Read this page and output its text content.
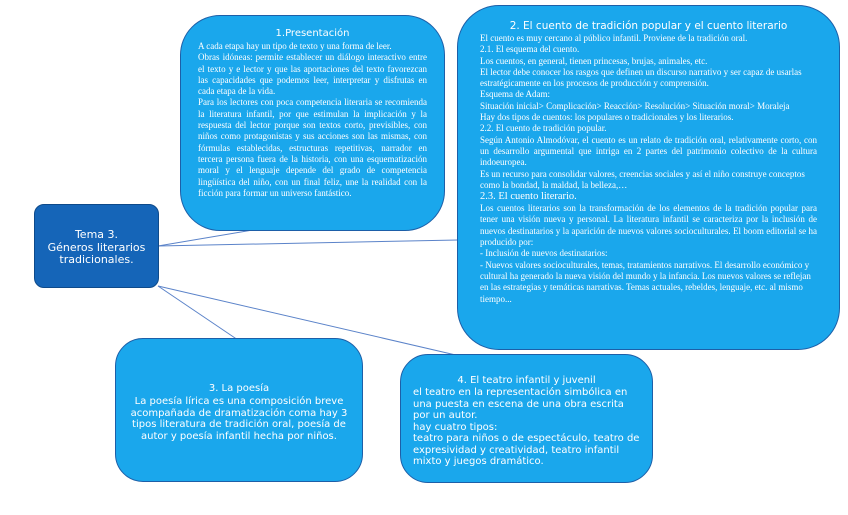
Tema 3.
Géneros literarios
tradicionales.
1.Presentación

A cada etapa hay un tipo de texto y una forma de leer.

Obras idóneas: permite establecer un diálogo interactivo entre el texto y e lector y que las aportaciones del texto favorezcan las capacidades que podemos leer, interpretar y disfrutas en cada etapa de la vida.

Para los lectores con poca competencia literaria se recomienda la literatura infantil, por que estimulan la implicación y la respuesta del lector porque son textos corto, previsibles, con niños como protagonistas y sus acciones son las mismas, con fórmulas establecidas, estructuras repetitivas, narrador en tercera persona fuera de la historia, con una esquematización moral y el lenguaje depende del grado de competencia lingüística del niño, con un final feliz, une la realidad con la ficción para formar un universo fantástico.

2. El cuento de tradición popular y el cuento literario

El cuento es muy cercano al público infantil. Proviene de la tradición oral.

2.1. El esquema del cuento.

Los cuentos, en general, tienen princesas, brujas, animales, etc.

El lector debe conocer los rasgos que definen un discurso narrativo y ser capaz de usarlas estratégicamente en los procesos de producción y comprensión.

Esquema de Adam:

Situación inicial> Complicación> Reacción> Resolución> Situación moral> Moraleja

Hay dos tipos de cuentos: los populares o tradicionales y los literarios.

2.2. El cuento de tradición popular.

Según Antonio Almodóvar, el cuento es un relato de tradición oral, relativamente corto, con un desarrollo argumental que intriga en 2 partes del patrimonio colectivo de la cultura indoeuropea.

Es un recurso para consolidar valores, creencias sociales y así el niño construye conceptos como la bondad, la maldad, la belleza,…

2.3. El cuento literario.

Los cuentos literarios son la transformación de los elementos de la tradición popular para tener una visión nueva y personal. La literatura infantil se caracteriza por la inclusión de nuevos destinatarios y la aparición de nuevos valores socioculturales. El boom editorial se ha producido por:

- Inclusión de nuevos destinatarios:

- Nuevos valores socioculturales, temas, tratamientos narrativos. El desarrollo económico y cultural ha generado la nueva visión del mundo y la infancia. Los nuevos valores se reflejan en las estrategias y temáticas narrativas. Temas actuales, rebeldes, lenguaje, etc. al mismo tiempo...

3. La poesía

La poesía lírica es una composición breve acompañada de dramatización coma hay 3 tipos literatura de tradición oral, poesía de autor y poesía infantil hecha por niños.

4. El teatro infantil y juvenil

el teatro en la representación simbólica en una puesta en escena de una obra escrita por un autor.

hay cuatro tipos:

teatro para niños o de espectáculo, teatro de expresividad y creatividad, teatro infantil mixto y juegos dramático.
